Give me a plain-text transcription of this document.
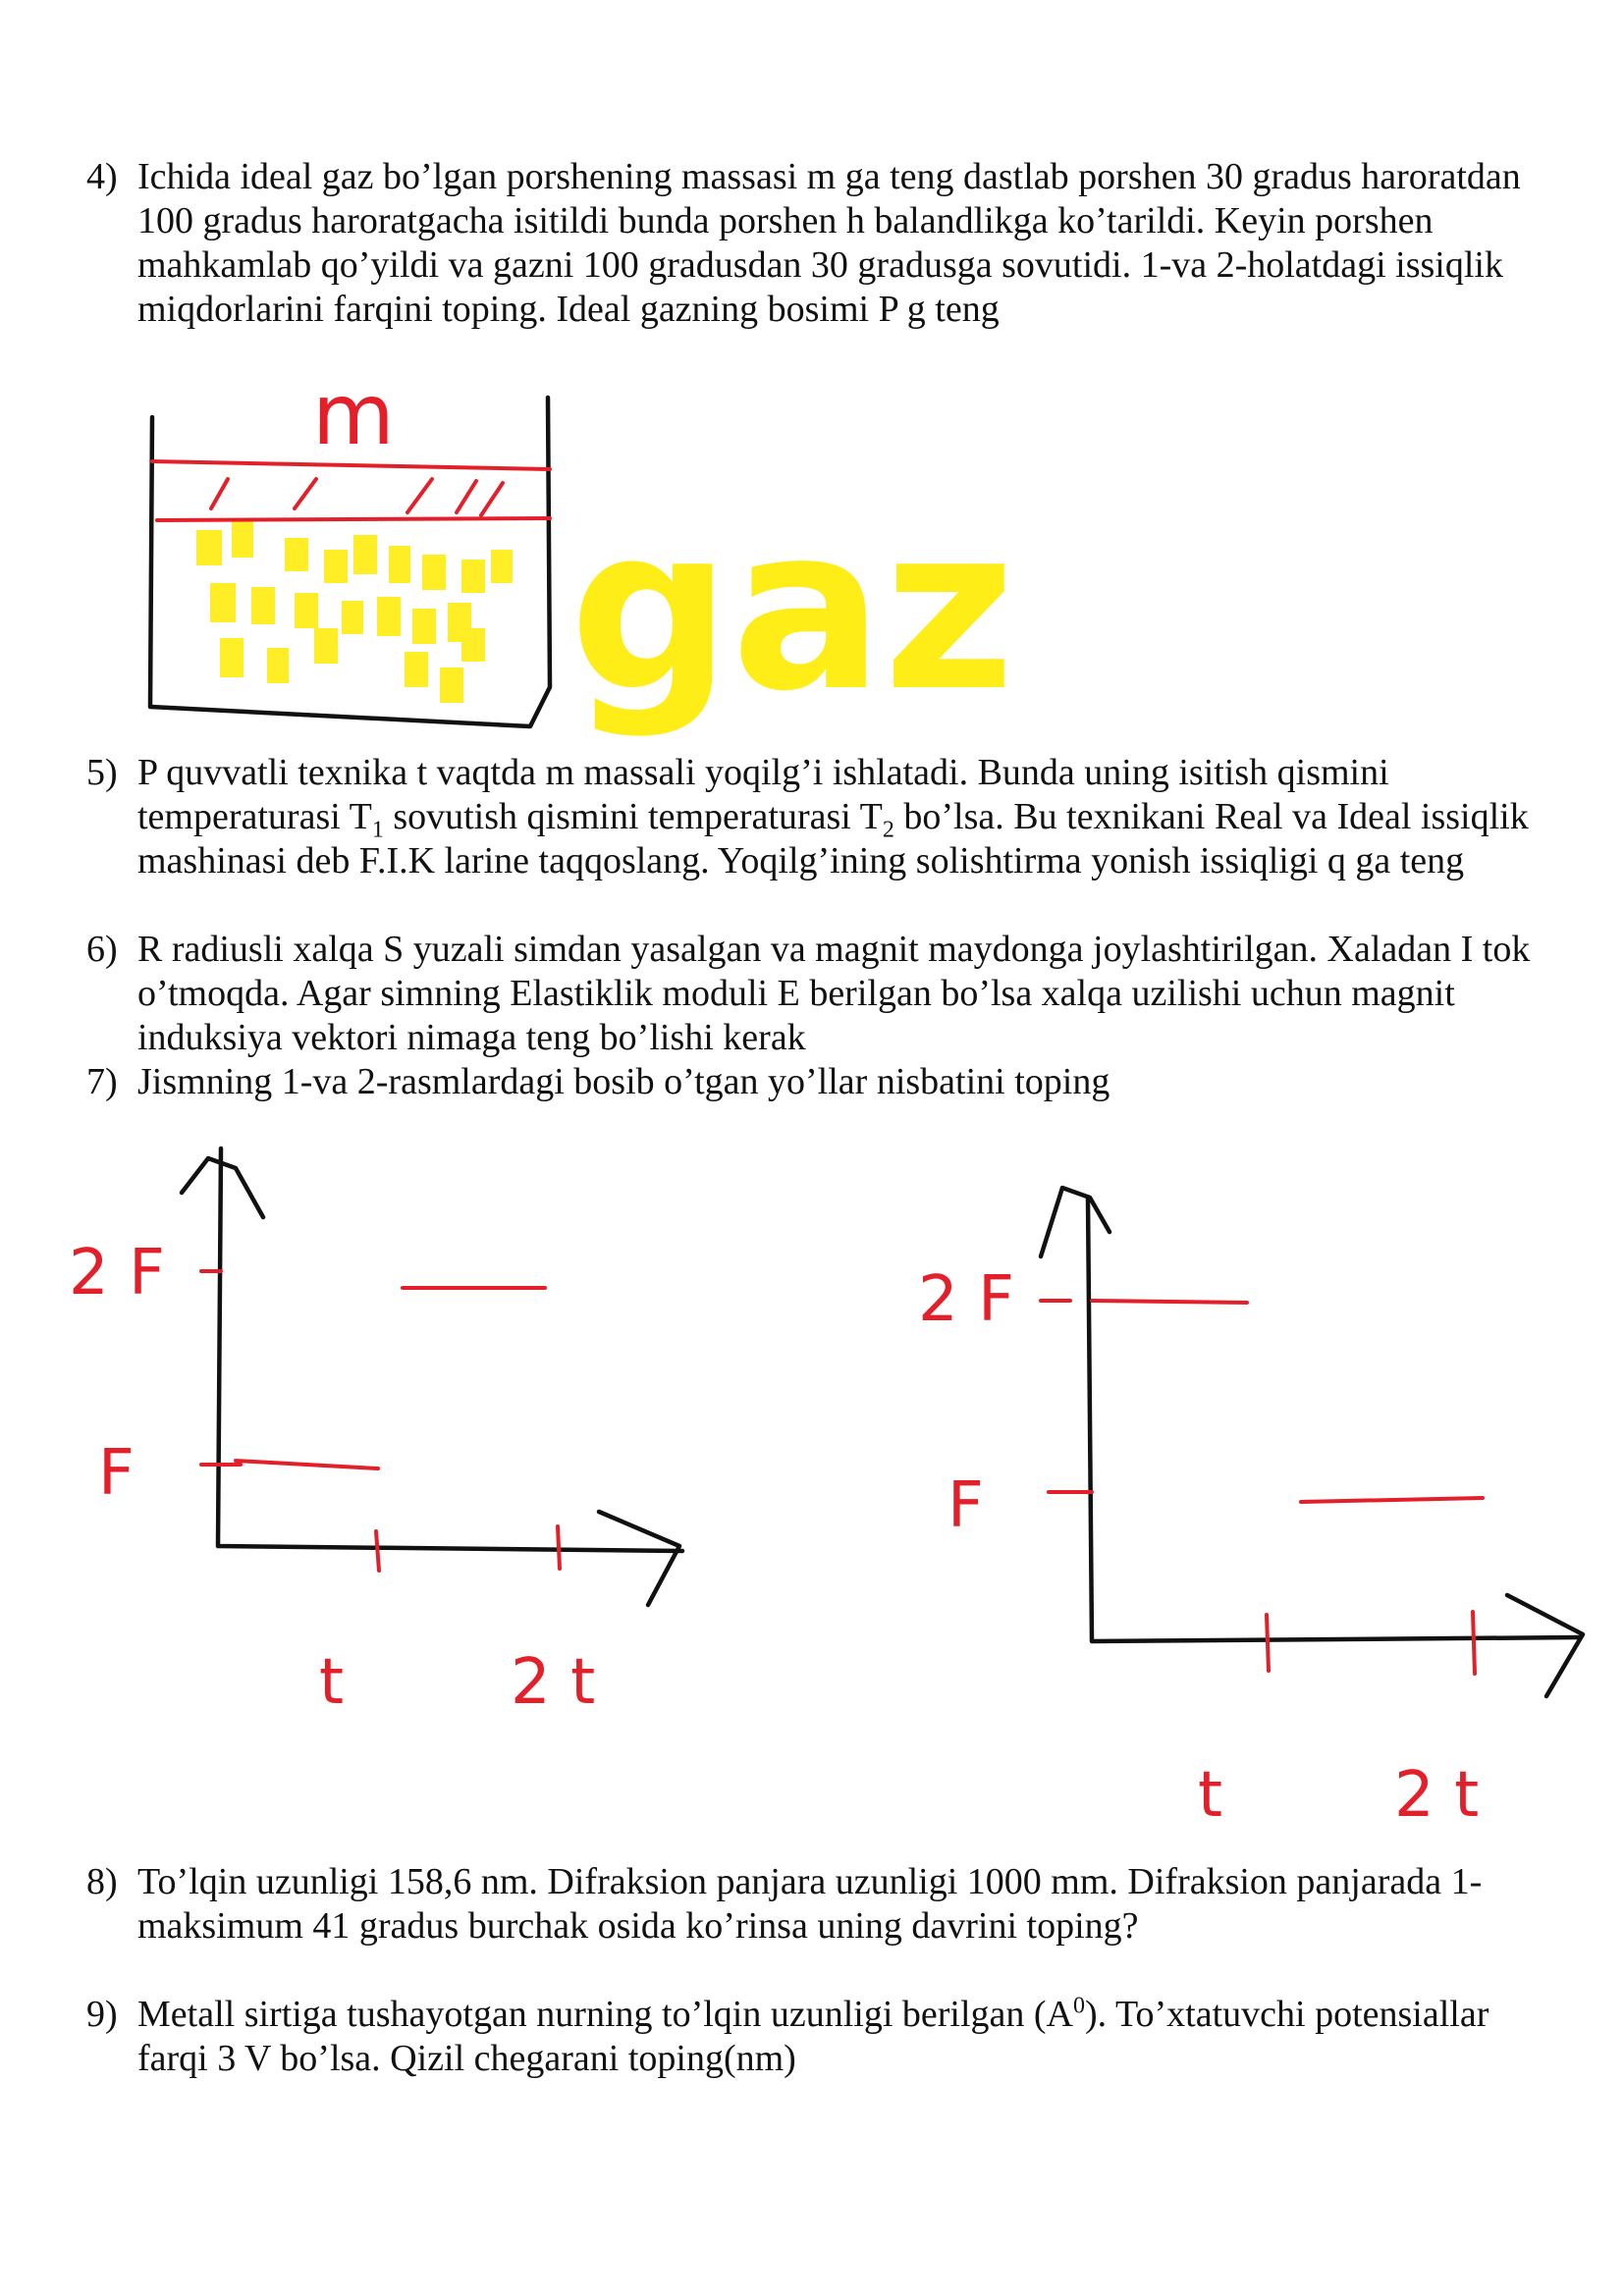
4) Ichida ideal gaz bo’lgan porshening massasi m ga teng dastlab porshen 30 gradus haroratdan 100 gradus haroratgacha isitildi bunda porshen h balandlikga ko’tarildi. Keyin porshen mahkamlab qo’yildi va gazni 100 gradusdan 30 gradusga sovutidi. 1-va 2-holatdagi issiqlik miqdorlarini farqini toping. Ideal gazning bosimi P g teng
m
gaz
5) P quvvatli texnika t vaqtda m massali yoqilg’i ishlatadi. Bunda uning isitish qismini temperaturasi $T_1$ sovutish qismini temperaturasi $T_2$ bo’lsa. Bu texnikani Real va Ideal issiqlik mashinasi deb F.I.K larine taqqoslang. Yoqilg’ining solishtirma yonish issiqligi q ga teng
6) R radiusli xalqa S yuzali simdan yasalgan va magnit maydonga joylashtirilgan. Xaladan I tok o’tmoqda. Agar simning Elastiklik moduli E berilgan bo’lsa xalqa uzilishi uchun magnit induksiya vektori nimaga teng bo’lishi kerak
7) Jismning 1-va 2-rasmlardagi bosib o’tgan yo’llar nisbatini toping
2 F
F
t	2 t
2 F
F
t	2 t
8) To’lqin uzunligi 158,6 nm. Difraksion panjara uzunligi 1000 mm. Difraksion panjarada 1-maksimum 41 gradus burchak osida ko’rinsa uning davrini toping?
9) Metall sirtiga tushayotgan nurning to’lqin uzunligi berilgan $(A^0)$. To’xtatuvchi potensiallar farqi 3 V bo’lsa. Qizil chegarani toping(nm)
